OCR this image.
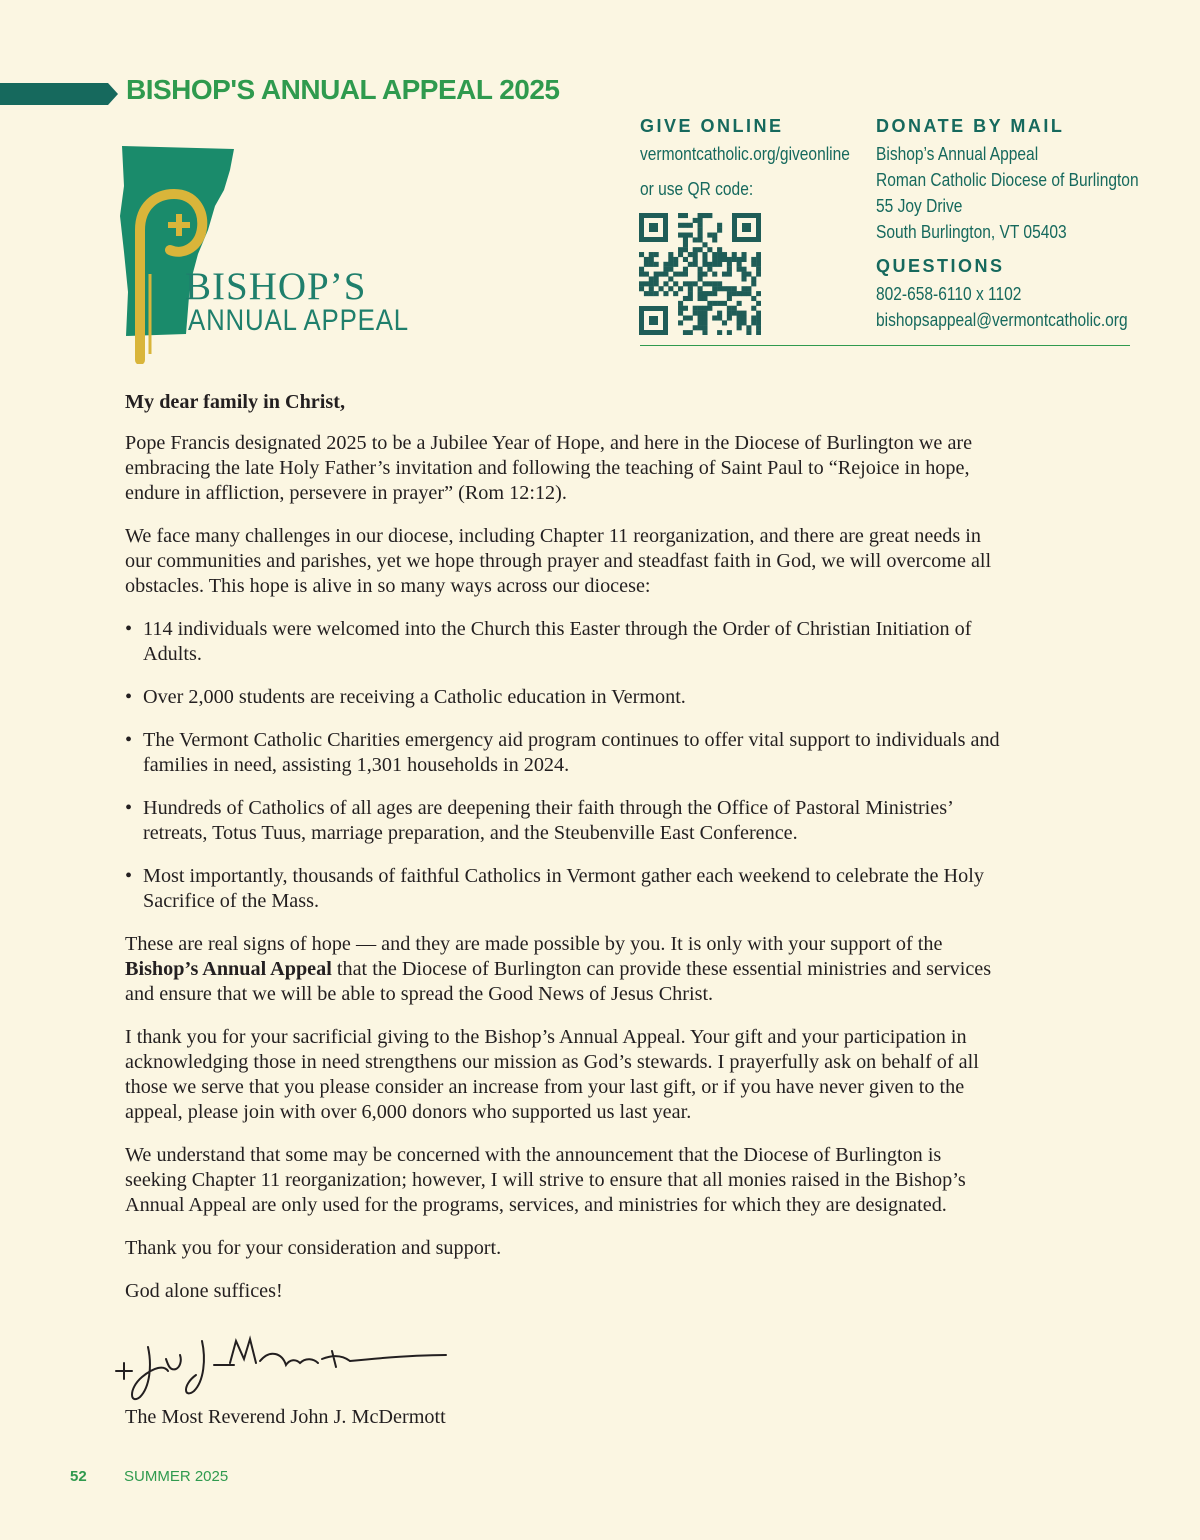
BISHOP'S ANNUAL APPEAL 2025
BISHOP’S
ANNUAL APPEAL
GIVE ONLINE
vermontcatholic.org/giveonline
or use QR code:
DONATE BY MAIL
Bishop’s Annual Appeal
Roman Catholic Diocese of Burlington
55 Joy Drive
South Burlington, VT 05403
QUESTIONS
802-658-6110 x 1102
bishopsappeal@vermontcatholic.org

My dear family in Christ,

Pope Francis designated 2025 to be a Jubilee Year of Hope, and here in the Diocese of Burlington we are embracing the late Holy Father’s invitation and following the teaching of Saint Paul to “Rejoice in hope, endure in affliction, persevere in prayer” (Rom 12:12).

We face many challenges in our diocese, including Chapter 11 reorganization, and there are great needs in our communities and parishes, yet we hope through prayer and steadfast faith in God, we will overcome all obstacles. This hope is alive in so many ways across our diocese:

• 114 individuals were welcomed into the Church this Easter through the Order of Christian Initiation of Adults.
• Over 2,000 students are receiving a Catholic education in Vermont.
• The Vermont Catholic Charities emergency aid program continues to offer vital support to individuals and families in need, assisting 1,301 households in 2024.
• Hundreds of Catholics of all ages are deepening their faith through the Office of Pastoral Ministries’ retreats, Totus Tuus, marriage preparation, and the Steubenville East Conference.
• Most importantly, thousands of faithful Catholics in Vermont gather each weekend to celebrate the Holy Sacrifice of the Mass.

These are real signs of hope — and they are made possible by you. It is only with your support of the Bishop’s Annual Appeal that the Diocese of Burlington can provide these essential ministries and services and ensure that we will be able to spread the Good News of Jesus Christ.

I thank you for your sacrificial giving to the Bishop’s Annual Appeal. Your gift and your participation in acknowledging those in need strengthens our mission as God’s stewards. I prayerfully ask on behalf of all those we serve that you please consider an increase from your last gift, or if you have never given to the appeal, please join with over 6,000 donors who supported us last year.

We understand that some may be concerned with the announcement that the Diocese of Burlington is seeking Chapter 11 reorganization; however, I will strive to ensure that all monies raised in the Bishop’s Annual Appeal are only used for the programs, services, and ministries for which they are designated.

Thank you for your consideration and support.

God alone suffices!

The Most Reverend John J. McDermott
52 SUMMER 2025
